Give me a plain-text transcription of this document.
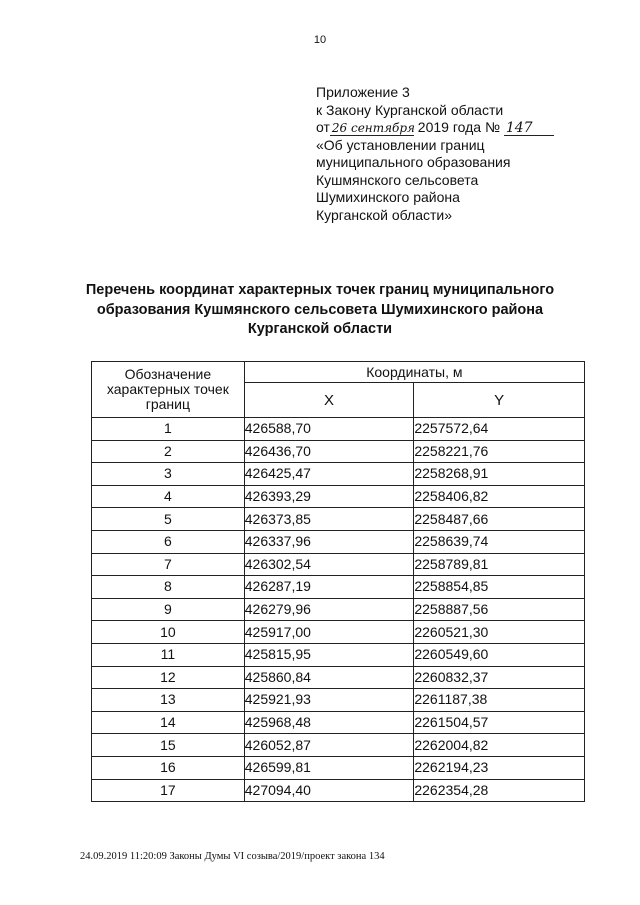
10
Приложение 3
к Закону Курганской области
от 26 сентября 2019 года № 147
«Об установлении границ
муниципального образования
Кушмянского сельсовета
Шумихинского района
Курганской области»
Перечень координат характерных точек границ муниципального
образования Кушмянского сельсовета Шумихинского района
Курганской области
Обозначение характерных точек границ	Координаты, м	
	X	Y
1	426588,70	2257572,64
2	426436,70	2258221,76
3	426425,47	2258268,91
4	426393,29	2258406,82
5	426373,85	2258487,66
6	426337,96	2258639,74
7	426302,54	2258789,81
8	426287,19	2258854,85
9	426279,96	2258887,56
10	425917,00	2260521,30
11	425815,95	2260549,60
12	425860,84	2260832,37
13	425921,93	2261187,38
14	425968,48	2261504,57
15	426052,87	2262004,82
16	426599,81	2262194,23
17	427094,40	2262354,28
24.09.2019 11:20:09 Законы Думы VI созыва/2019/проект закона 134
